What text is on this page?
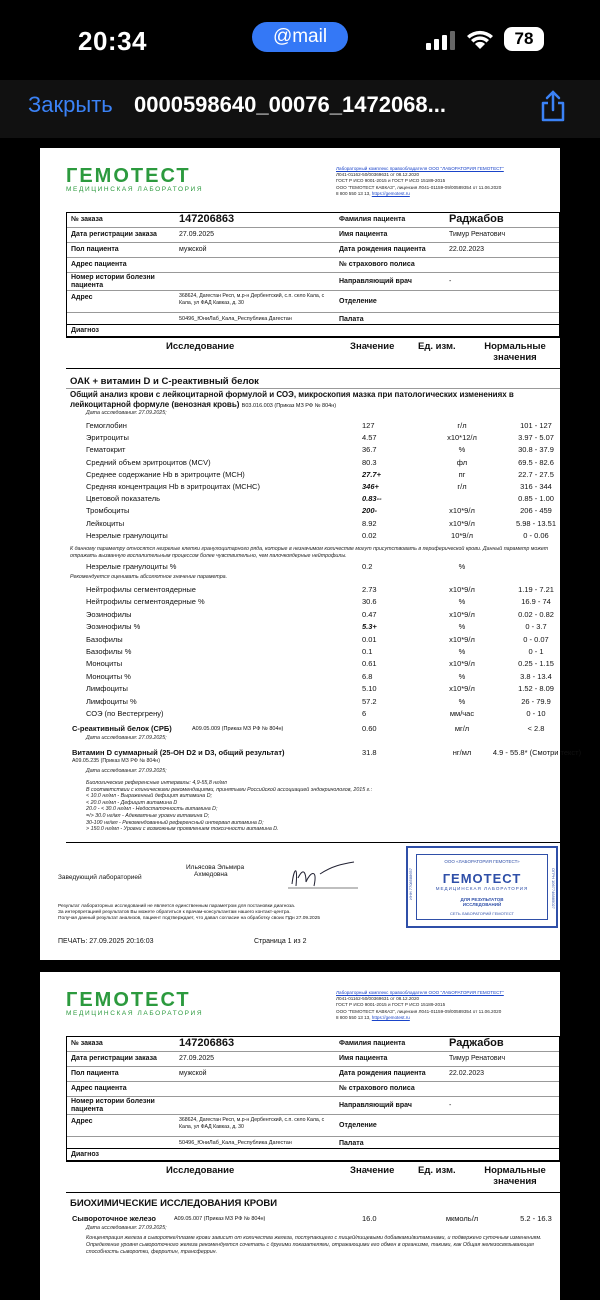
20:34	@mail	78
Закрыть 0000598640_00076_1472068...
ГЕМОТЕСТ
МЕДИЦИНСКАЯ ЛАБОРАТОРИЯ
Лабораторный комплекс правообладателя ООО "ЛАБОРАТОРИЯ ГЕМОТЕСТ"
Л041-01162-50/00369631 от 08.12.2020
ГОСТ Р ИСО 9001-2015 и ГОСТ Р ИСО 15189-2015
ООО "ГЕМОТЕСТ КАВКАЗ", лицензия Л041-01159-09/00589354 от 11.06.2020
8 800 550 13 13, https://gemotest.ru
№ заказа	147206863	Фамилия пациента	Раджабов
Дата регистрации заказа	27.09.2025	Имя пациента	Тимур Ренатович
Пол пациента	мужской	Дата рождения пациента	22.02.2023
Адрес пациента	№ страхового полиса
Номер истории болезни пациента
Направляющий врач	-
Адрес	368624, Дагестан Респ, м.р-н Дербентский, с.п. село Кала, с Кала, ул ФАД Кавказ, д. 30	Отделение
50496_ЮниЛаб_Кала_Республика Дагестан	Палата
Диагноз
Исследование	Значение Ед. изм.	Нормальные значения
ОАК + витамин D и С-реактивный белок
Общий анализ крови с лейкоцитарной формулой и СОЭ, микроскопия мазка при патологических изменениях в лейкоцитарной формуле (венозная кровь) B03.016.003 (Приказ МЗ РФ № 804н)
Дата исследования: 27.09.2025;
К данному параметру относятся незрелые клетки гранулоцитарного ряда, которые в незначимом количестве могут присутствовать в периферической крови. Данный параметр может отражать вызванную воспалительным процессом более чувствительно, чем палочкоядерные нейтрофилы.
Незрелые гранулоциты %	0.2	%
Рекомендуется оценивать абсолютное значение параметра.
С-реактивный белок (СРБ)	A09.05.009 (Приказ МЗ РФ № 804н)	0.60	мг/л	< 2.8
Дата исследования: 27.09.2025;
Витамин D суммарный (25-OH D2 и D3, общий результат)	31.8	нг/мл	4.9 - 55.8* (Смотри текст)
A09.05.235 (Приказ МЗ РФ № 804н)
Дата исследования: 27.09.2025;
Биологические референсные интервалы: 4,9-55,8 нг/мл
В соответствии с клиническими рекомендациями, принятыми Российской ассоциацией эндокринологов, 2015 г.:
< 10.0 нг/мл - Выраженный дефицит витамина D;
< 20.0 нг/мл - Дефицит витамина D
20.0 - < 30.0 нг/мл - Недостаточность витамина D;
=/> 30.0 нг/мл - Адекватные уровни витамина D;
30-100 нг/мл - Рекомендованный референсный интервал витамина D;
> 150.0 нг/мл - Уровни с возможным проявлением токсичности витамина D.
Заведующий лабораторией
Ильясова Эльмира
Ахмедовна
ООО «ЛАБОРАТОРИЯ ГЕМОТЕСТ»
ГЕМОТЕСТ
МЕДИЦИНСКАЯ ЛАБОРАТОРИЯ
ДЛЯ РЕЗУЛЬТАТОВ
ИССЛЕДОВАНИЙ
СЕТЬ ЛАБОРАТОРИЙ ГЕМОТЕСТ
ИНН 7708588657	ОГРН 1067746885027
Результат лабораторных исследований не является единственным параметром для постановки диагноза.
За интерпретацией результатов Вы можете обратиться к врачам-консультантам нашего контакт-центра.
Получая данный результат анализов, пациент подтверждает, что давал согласие на обработку своих ПДн 27.09.2025
ПЕЧАТЬ: 27.09.2025 20:16:03	Страница 1 из 2
Гемоглобин	127	г/л	101 - 127
Эритроциты	4.57	x10*12/л	3.97 - 5.07
Гематокрит	36.7	%	30.8 - 37.9
Средний объем эритроцитов (MCV)	80.3	фл	69.5 - 82.6
Среднее содержание Hb в эритроците (MCH)	27.7+	пг	22.7 - 27.5
Средняя концентрация Hb в эритроцитах (MCHC)	346+	г/л	316 - 344
Цветовой показатель	0.83--	0.85 - 1.00
Тромбоциты	200-	x10*9/л	206 - 459
Лейкоциты	8.92	x10*9/л	5.98 - 13.51
Незрелые гранулоциты	0.02	10*9/л	0 - 0.06
Нейтрофилы сегментоядерные	2.73	x10*9/л	1.19 - 7.21
Нейтрофилы сегментоядерные %	30.6	%	16.9 - 74
Эозинофилы	0.47	x10*9/л	0.02 - 0.82
Эозинофилы %	5.3+	%	0 - 3.7
Базофилы	0.01	x10*9/л	0 - 0.07
Базофилы %	0.1	%	0 - 1
Моноциты	0.61	x10*9/л	0.25 - 1.15
Моноциты %	6.8	%	3.8 - 13.4
Лимфоциты	5.10	x10*9/л	1.52 - 8.09
Лимфоциты %	57.2	%	26 - 79.9
СОЭ (по Вестергрену)	6	мм/час	0 - 10
ГЕМОТЕСТ
МЕДИЦИНСКАЯ ЛАБОРАТОРИЯ
Лабораторный комплекс правообладателя ООО "ЛАБОРАТОРИЯ ГЕМОТЕСТ"
Л041-01162-50/00369631 от 08.12.2020
ГОСТ Р ИСО 9001-2015 и ГОСТ Р ИСО 15189-2015
ООО "ГЕМОТЕСТ КАВКАЗ", лицензия Л041-01159-09/00589354 от 11.06.2020
8 800 550 13 13, https://gemotest.ru
№ заказа	147206863	Фамилия пациента	Раджабов
Дата регистрации заказа	27.09.2025	Имя пациента	Тимур Ренатович
Пол пациента	мужской	Дата рождения пациента	22.02.2023
Адрес пациента	№ страхового полиса
Номер истории болезни пациента
Направляющий врач	-
Адрес	368624, Дагестан Респ, м.р-н Дербентский, с.п. село Кала, с Кала, ул ФАД Кавказ, д. 30	Отделение
50496_ЮниЛаб_Кала_Республика Дагестан	Палата
Диагноз
Исследование	Значение Ед. изм.	Нормальные значения
БИОХИМИЧЕСКИЕ ИССЛЕДОВАНИЯ КРОВИ
Сывороточное железо	A09.05.007 (Приказ МЗ РФ № 804н)	16.0	мкмоль/л	5.2 - 16.3
Дата исследования: 27.09.2025;
Концентрация железа в сыворотке/плазме крови зависит от количества железа, поступающего с пищей/пищевыми добавками/витаминами, и подвержено суточным изменениям. Определение уровня сывороточного железа рекомендуется сочетать с другими показателями, отражающими его обмен в организме, такими, как Общая железосвязывающая способность сыворотки, ферритин, трансферрин.
